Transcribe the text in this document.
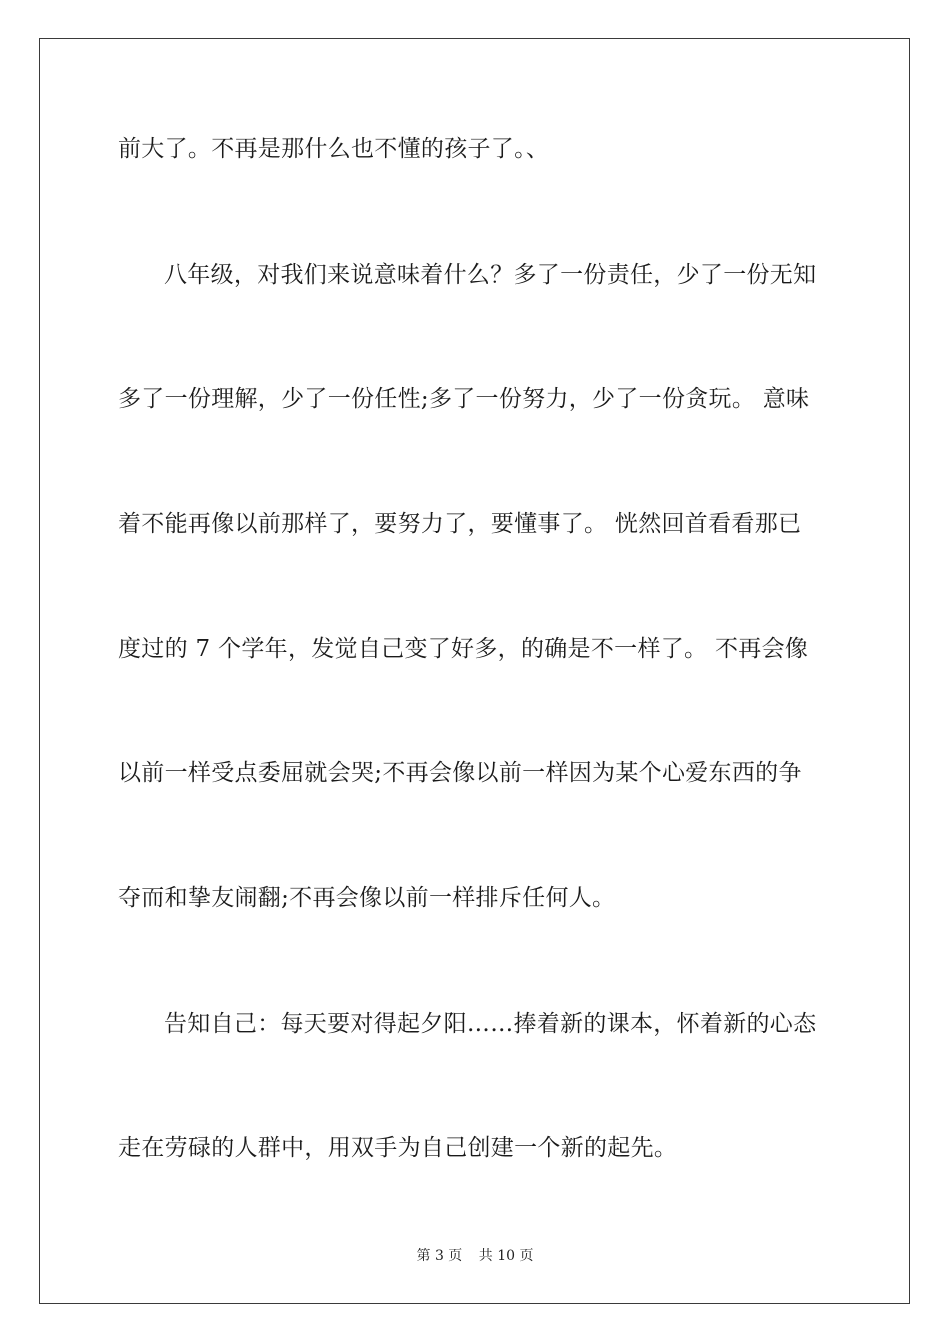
前大了。不再是那什么也不懂的孩子了。、
八年级，对我们来说意味着什么？多了一份责任，少了一份无知
多了一份理解，少了一份任性;多了一份努力，少了一份贪玩。 意味
着不能再像以前那样了，要努力了，要懂事了。 恍然回首看看那已
度过的 7 个学年，发觉自己变了好多，的确是不一样了。 不再会像
以前一样受点委屈就会哭;不再会像以前一样因为某个心爱东西的争
夺而和挚友闹翻;不再会像以前一样排斥任何人。
告知自己：每天要对得起夕阳……捧着新的课本，怀着新的心态
走在劳碌的人群中，用双手为自己创建一个新的起先。
第 3 页 共 10 页
